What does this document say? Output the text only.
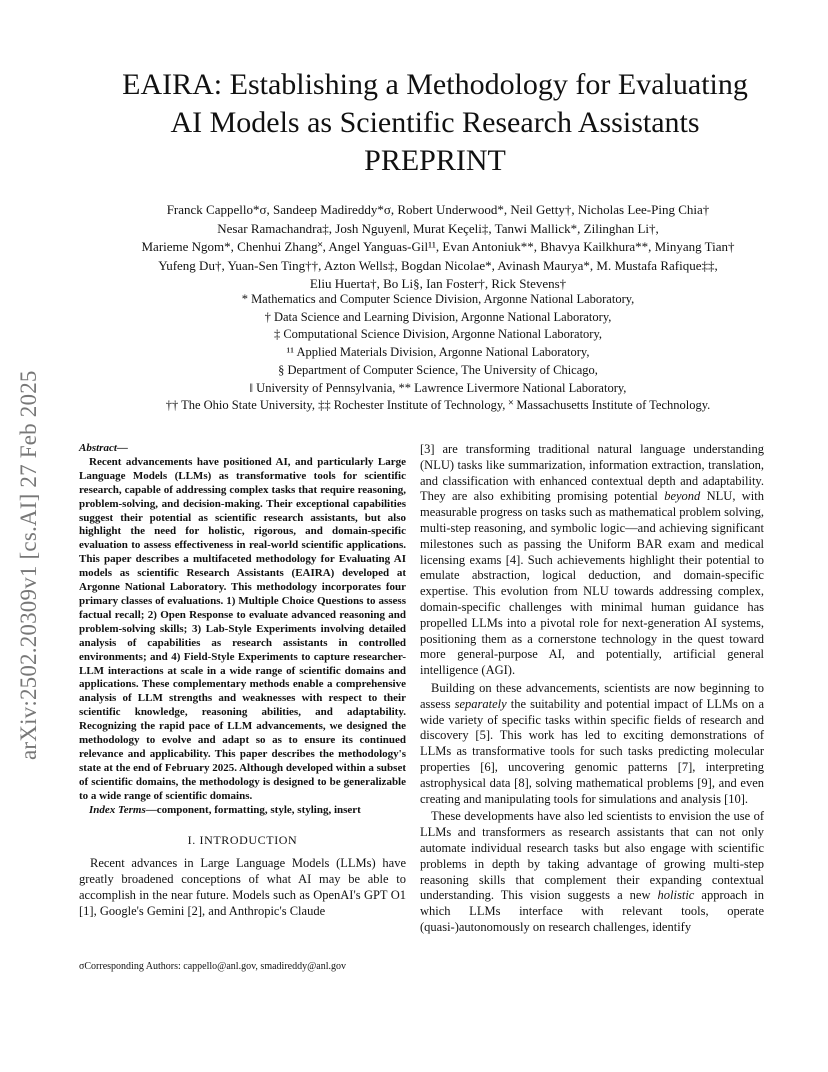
arXiv:2502.20309v1 [cs.AI] 27 Feb 2025
EAIRA: Establishing a Methodology for Evaluating
AI Models as Scientific Research Assistants
PREPRINT
Franck Cappello*σ, Sandeep Madireddy*σ, Robert Underwood*, Neil Getty†, Nicholas Lee-Ping Chia†
Nesar Ramachandra‡, Josh Nguyen‖, Murat Keçeli‡, Tanwi Mallick*, Zilinghan Li†,
Marieme Ngom*, Chenhui Zhang˟, Angel Yanguas-Gil¹¹, Evan Antoniuk**, Bhavya Kailkhura**, Minyang Tian†
Yufeng Du†, Yuan-Sen Ting††, Azton Wells‡, Bogdan Nicolae*, Avinash Maurya*, M. Mustafa Rafique‡‡,
Eliu Huerta†, Bo Li§, Ian Foster†, Rick Stevens†
* Mathematics and Computer Science Division, Argonne National Laboratory,
† Data Science and Learning Division, Argonne National Laboratory,
‡ Computational Science Division, Argonne National Laboratory,
¹¹ Applied Materials Division, Argonne National Laboratory,
§ Department of Computer Science, The University of Chicago,
‖ University of Pennsylvania, ** Lawrence Livermore National Laboratory,
†† The Ohio State University, ‡‡ Rochester Institute of Technology, ˟ Massachusetts Institute of Technology.
Abstract—
Recent advancements have positioned AI, and particularly Large Language Models (LLMs) as transformative tools for scientific research, capable of addressing complex tasks that require reasoning, problem-solving, and decision-making. Their exceptional capabilities suggest their potential as scientific research assistants, but also highlight the need for holistic, rigorous, and domain-specific evaluation to assess effectiveness in real-world scientific applications. This paper describes a multifaceted methodology for Evaluating AI models as scientific Research Assistants (EAIRA) developed at Argonne National Laboratory. This methodology incorporates four primary classes of evaluations. 1) Multiple Choice Questions to assess factual recall; 2) Open Response to evaluate advanced reasoning and problem-solving skills; 3) Lab-Style Experiments involving detailed analysis of capabilities as research assistants in controlled environments; and 4) Field-Style Experiments to capture researcher-LLM interactions at scale in a wide range of scientific domains and applications. These complementary methods enable a comprehensive analysis of LLM strengths and weaknesses with respect to their scientific knowledge, reasoning abilities, and adaptability. Recognizing the rapid pace of LLM advancements, we designed the methodology to evolve and adapt so as to ensure its continued relevance and applicability. This paper describes the methodology's state at the end of February 2025. Although developed within a subset of scientific domains, the methodology is designed to be generalizable to a wide range of scientific domains.
Index Terms—component, formatting, style, styling, insert
I. INTRODUCTION

Recent advances in Large Language Models (LLMs) have greatly broadened conceptions of what AI may be able to accomplish in the near future. Models such as OpenAI's GPT O1 [1], Google's Gemini [2], and Anthropic's Claude

σCorresponding Authors: cappello@anl.gov, smadireddy@anl.gov

[3] are transforming traditional natural language understanding (NLU) tasks like summarization, information extraction, translation, and classification with enhanced contextual depth and adaptability. They are also exhibiting promising potential beyond NLU, with measurable progress on tasks such as mathematical problem solving, multi-step reasoning, and symbolic logic—and achieving significant milestones such as passing the Uniform BAR exam and medical licensing exams [4]. Such achievements highlight their potential to emulate abstraction, logical deduction, and domain-specific expertise. This evolution from NLU towards addressing complex, domain-specific challenges with minimal human guidance has propelled LLMs into a pivotal role for next-generation AI systems, positioning them as a cornerstone technology in the quest toward more general-purpose AI, and potentially, artificial general intelligence (AGI).

Building on these advancements, scientists are now beginning to assess separately the suitability and potential impact of LLMs on a wide variety of specific tasks within specific fields of research and discovery [5]. This work has led to exciting demonstrations of LLMs as transformative tools for such tasks predicting molecular properties [6], uncovering genomic patterns [7], interpreting astrophysical data [8], solving mathematical problems [9], and even creating and manipulating tools for simulations and analysis [10].

These developments have also led scientists to envision the use of LLMs and transformers as research assistants that can not only automate individual research tasks but also engage with scientific problems in depth by taking advantage of growing multi-step reasoning skills that complement their expanding contextual understanding. This vision suggests a new holistic approach in which LLMs interface with relevant tools, operate (quasi-)autonomously on research challenges, identify
